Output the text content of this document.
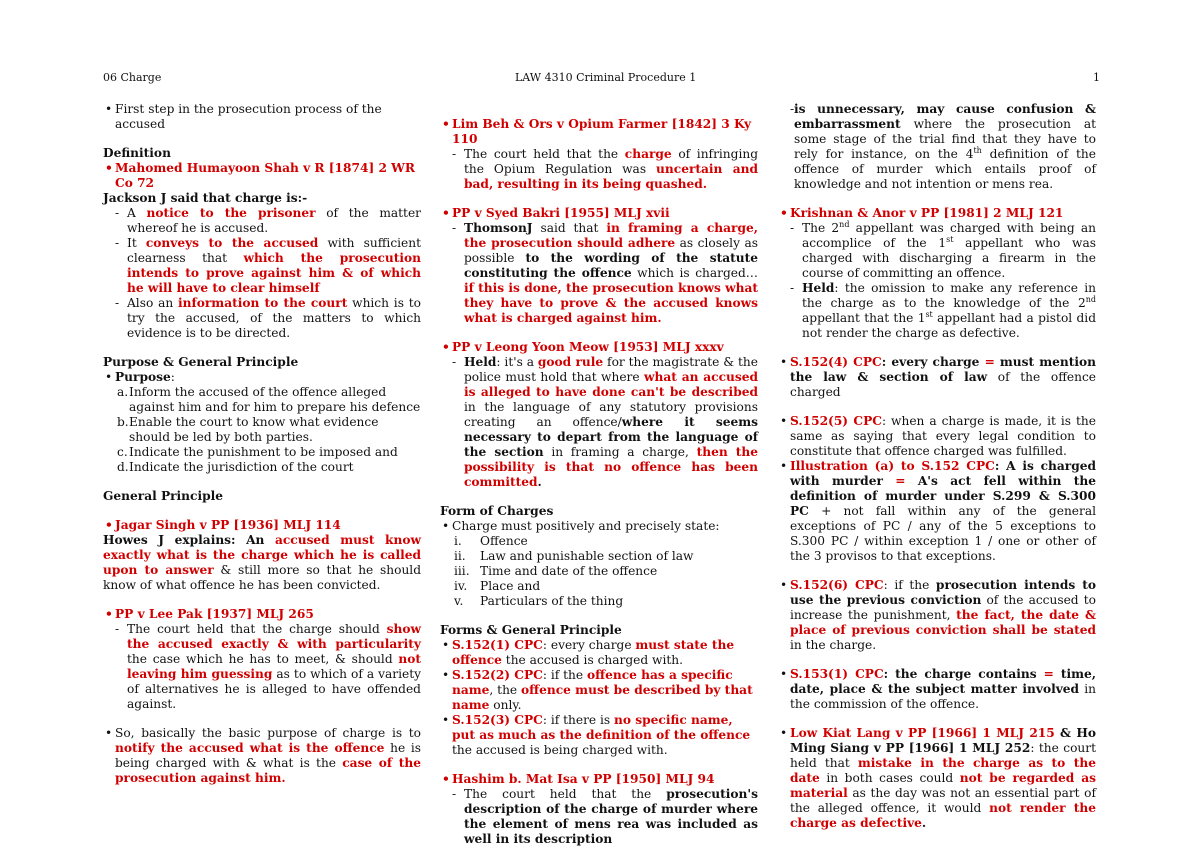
06 Charge	LAW 4310 Criminal Procedure 1	1

• First step in the prosecution process of the accused

Definition

• Mahomed Humayoon Shah v R [1874] 2 WR Co 72

Jackson J said that charge is:-

- A notice to the prisoner of the matter whereof he is accused.

- It conveys to the accused with sufficient clearness that which the prosecution intends to prove against him & of which he will have to clear himself

- Also an information to the court which is to try the accused, of the matters to which evidence is to be directed.

Purpose & General Principle

• Purpose:

a. Inform the accused of the offence alleged against him and for him to prepare his defence

b. Enable the court to know what evidence should be led by both parties.

c. Indicate the punishment to be imposed and

d. Indicate the jurisdiction of the court

General Principle

• Jagar Singh v PP [1936] MLJ 114

Howes J explains: An accused must know exactly what is the charge which he is called upon to answer & still more so that he should know of what offence he has been convicted.

• PP v Lee Pak [1937] MLJ 265

- The court held that the charge should show the accused exactly & with particularity the case which he has to meet, & should not leaving him guessing as to which of a variety of alternatives he is alleged to have offended against.

• So, basically the basic purpose of charge is to notify the accused what is the offence he is being charged with & what is the case of the prosecution against him.

• Lim Beh & Ors v Opium Farmer [1842] 3 Ky 110

- The court held that the charge of infringing the Opium Regulation was uncertain and bad, resulting in its being quashed.

• PP v Syed Bakri [1955] MLJ xvii

- ThomsonJ said that in framing a charge, the prosecution should adhere as closely as possible to the wording of the statute constituting the offence which is charged…if this is done, the prosecution knows what they have to prove & the accused knows what is charged against him.

• PP v Leong Yoon Meow [1953] MLJ xxxv

- Held: it's a good rule for the magistrate & the police must hold that where what an accused is alleged to have done can't be described in the language of any statutory provisions creating an offence/where it seems necessary to depart from the language of the section in framing a charge, then the possibility is that no offence has been committed.

Form of Charges

• Charge must positively and precisely state:

i. Offence

ii. Law and punishable section of law

iii. Time and date of the offence

iv. Place and

v. Particulars of the thing

Forms & General Principle

• S.152(1) CPC: every charge must state the offence the accused is charged with.

• S.152(2) CPC: if the offence has a specific name, the offence must be described by that name only.

• S.152(3) CPC: if there is no specific name, put as much as the definition of the offence the accused is being charged with.

• Hashim b. Mat Isa v PP [1950] MLJ 94

- The court held that the prosecution's description of the charge of murder where the element of mens rea was included as well in its description

- is unnecessary, may cause confusion & embarrassment where the prosecution at some stage of the trial find that they have to rely for instance, on the 4th definition of the offence of murder which entails proof of knowledge and not intention or mens rea.

• Krishnan & Anor v PP [1981] 2 MLJ 121

- The 2nd appellant was charged with being an accomplice of the 1st appellant who was charged with discharging a firearm in the course of committing an offence.

- Held: the omission to make any reference in the charge as to the knowledge of the 2nd appellant that the 1st appellant had a pistol did not render the charge as defective.

• S.152(4) CPC: every charge = must mention the law & section of law of the offence charged

• S.152(5) CPC: when a charge is made, it is the same as saying that every legal condition to constitute that offence charged was fulfilled.

• Illustration (a) to S.152 CPC: A is charged with murder = A's act fell within the definition of murder under S.299 & S.300 PC + not fall within any of the general exceptions of PC / any of the 5 exceptions to S.300 PC / within exception 1 / one or other of the 3 provisos to that exceptions.

• S.152(6) CPC: if the prosecution intends to use the previous conviction of the accused to increase the punishment, the fact, the date & place of previous conviction shall be stated in the charge.

• S.153(1) CPC: the charge contains = time, date, place & the subject matter involved in the commission of the offence.

• Low Kiat Lang v PP [1966] 1 MLJ 215 & Ho Ming Siang v PP [1966] 1 MLJ 252: the court held that mistake in the charge as to the date in both cases could not be regarded as material as the day was not an essential part of the alleged offence, it would not render the charge as defective.
